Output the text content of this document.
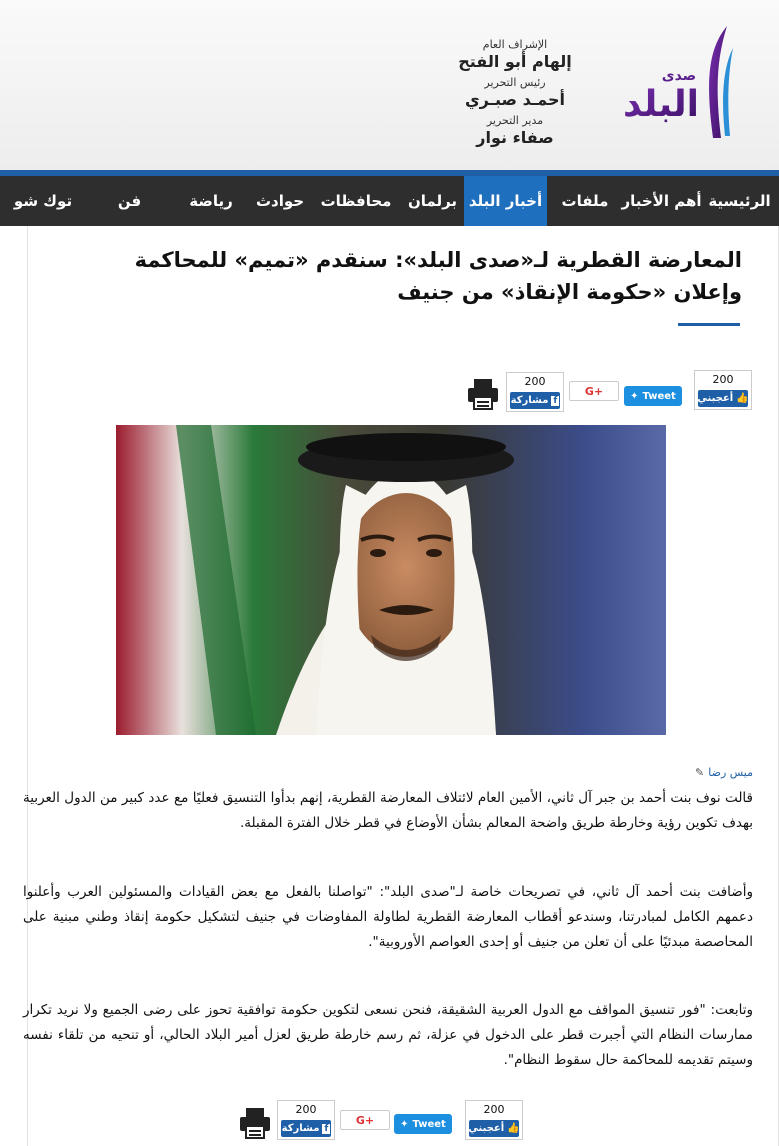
صدى
البلد
الإشراف العام
إلهام أبو الفتح
رئيس التحرير
أحمـد صبـري
مدير التحرير
صفاء نوار
الرئيسية
أهم الأخبار
ملفات
أخبار البلد
برلمان
محافظات
حوادث
رياضة
فن
توك شو
المعارضة القطرية لـ«صدى البلد»: سنقدم «تميم» للمحاكمة وإعلان «حكومة الإنقاذ» من جنيف
200
👍
أعجبني
✦ Tweet
G+
200
f
مشاركة
ميس رضا
✎

قالت نوف بنت أحمد بن جبر آل ثاني، الأمين العام لائتلاف المعارضة القطرية، إنهم بدأوا التنسيق فعليًا مع عدد كبير من الدول العربية بهدف تكوين رؤية وخارطة طريق واضحة المعالم بشأن الأوضاع في قطر خلال الفترة المقبلة.

وأضافت بنت أحمد آل ثاني، في تصريحات خاصة لـ"صدى البلد": "تواصلنا بالفعل مع بعض القيادات والمسئولين العرب وأعلنوا دعمهم الكامل لمبادرتنا، وسندعو أقطاب المعارضة القطرية لطاولة المفاوضات في جنيف لتشكيل حكومة إنقاذ وطني مبنية على المحاصصة مبدئيًا على أن تعلن من جنيف أو إحدى العواصم الأوروبية".

وتابعت: "فور تنسيق المواقف مع الدول العربية الشقيقة، فنحن نسعى لتكوين حكومة توافقية تحوز على رضى الجميع ولا نريد تكرار ممارسات النظام التي أجبرت قطر على الدخول في عزلة، ثم رسم خارطة طريق لعزل أمير البلاد الحالي، أو تنحيه من تلقاء نفسه وسيتم تقديمه للمحاكمة حال سقوط النظام".

200
👍
أعجبني
✦ Tweet
G+
200
f
مشاركة
